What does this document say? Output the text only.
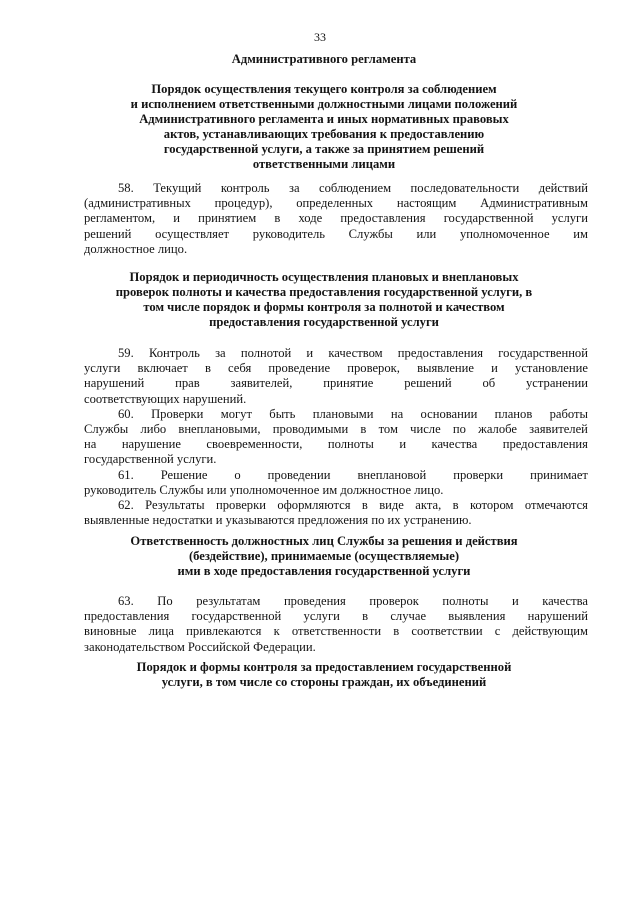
33
Административного регламента
Порядок осуществления текущего контроля за соблюдением
и исполнением ответственными должностными лицами положений
Административного регламента и иных нормативных правовых
актов, устанавливающих требования к предоставлению
государственной услуги, а также за принятием решений
ответственными лицами
58. Текущий контроль за соблюдением последовательности действий
(административных процедур), определенных настоящим Административным
регламентом, и принятием в ходе предоставления государственной услуги
решений осуществляет руководитель Службы или уполномоченное им
должностное лицо.
Порядок и периодичность осуществления плановых и внеплановых
проверок полноты и качества предоставления государственной услуги, в
том числе порядок и формы контроля за полнотой и качеством
предоставления государственной услуги
59. Контроль за полнотой и качеством предоставления государственной
услуги включает в себя проведение проверок, выявление и установление
нарушений прав заявителей, принятие решений об устранении
соответствующих нарушений.
60. Проверки могут быть плановыми на основании планов работы
Службы либо внеплановыми, проводимыми в том числе по жалобе заявителей
на нарушение своевременности, полноты и качества предоставления
государственной услуги.
61. Решение о проведении внеплановой проверки принимает
руководитель Службы или уполномоченное им должностное лицо.
62. Результаты проверки оформляются в виде акта, в котором отмечаются
выявленные недостатки и указываются предложения по их устранению.
Ответственность должностных лиц Службы за решения и действия
(бездействие), принимаемые (осуществляемые)
ими в ходе предоставления государственной услуги
63. По результатам проведения проверок полноты и качества
предоставления государственной услуги в случае выявления нарушений
виновные лица привлекаются к ответственности в соответствии с действующим
законодательством Российской Федерации.
Порядок и формы контроля за предоставлением государственной
услуги, в том числе со стороны граждан, их объединений
